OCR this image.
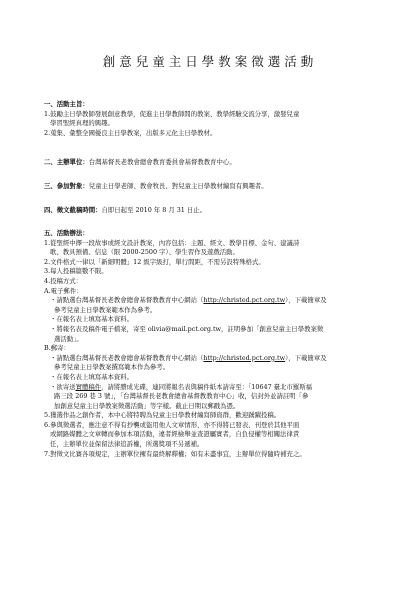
創意兒童主日學教案徵選活動
一、活動主旨：
1.鼓勵主日學教師發展創意教學，促進主日學教師間的教案、教學經驗交流分享，激發兒童
學習聖經真理的興趣。
2.蒐集、彙整全國優良主日學教案，出版多元化主日學教材。
二、主辦單位：台灣基督長老教會總會教育委員會基督教教育中心。
三、參加對象：兒童主日學老師、教會牧長、對兒童主日學教材編寫有興趣者。
四、徵文截稿時間：自即日起至 2010 年 8 月 31 日止。
五、活動辦法：
1.從聖經中擇一段故事或經文設計教案，內容包括：主題、經文、教學目標、金句、建議詩
歌、教具預備、信息（限 2000-2500 字）、學生習作及遊戲活動。
2.文件格式一律以「新細明體」12 級字級打，單行間距，不需另設特殊格式。
3.每人投稿篇數不限。
4.投稿方式：
A.電子郵件：
・請點選台灣基督長老教會總會基督教教育中心網站（http://christed.pct.org.tw），下載簡章及
參考兒童主日學教案範本作為參考。
・在報名表上填寫基本資料。
・將報名表及稿件電子檔案，寄至 olivia@mail.pct.org.tw，註明參加「創意兒童主日學教案徵
選活動」。
B.郵寄：
・請點選台灣基督長老教會總會基督教教育中心網站（http://christed.pct.org.tw），下載簡章及
參考兒童主日學教案撰寫範本作為參考。
・在報名表上填寫基本資料。
・欲寄送實體稿件，請將謄成光碟，連同將報名表與稿件紙本請寄至：「10647 臺北市羅斯福
路三段 269 巷 3 號」，「台灣基督長老教會總會基督教教育中心」收，信封外並請註明「參
加創意兒童主日學教案徵選活動」等字樣。截止日期以郵戳為憑。
5.獲選作品之創作者，本中心將特聘為兒童主日學教材編寫師資群，歡迎踴躍投稿。
6.參與徵選者，應注意不得有抄襲或盜用他人文章情形，亦不得將已發表、刊登於其他平面
或網路媒體之文章轉而參加本項活動，違者經檢舉並查證屬實者，自負侵權等相關法律責
任，主辦單位並保留法律追訴權，所選獎項不另遞補。
7.對徵文比賽各項規定，主辦單位擁有最終解釋權；如有未盡事宜，主辦單位得隨時補充之。
